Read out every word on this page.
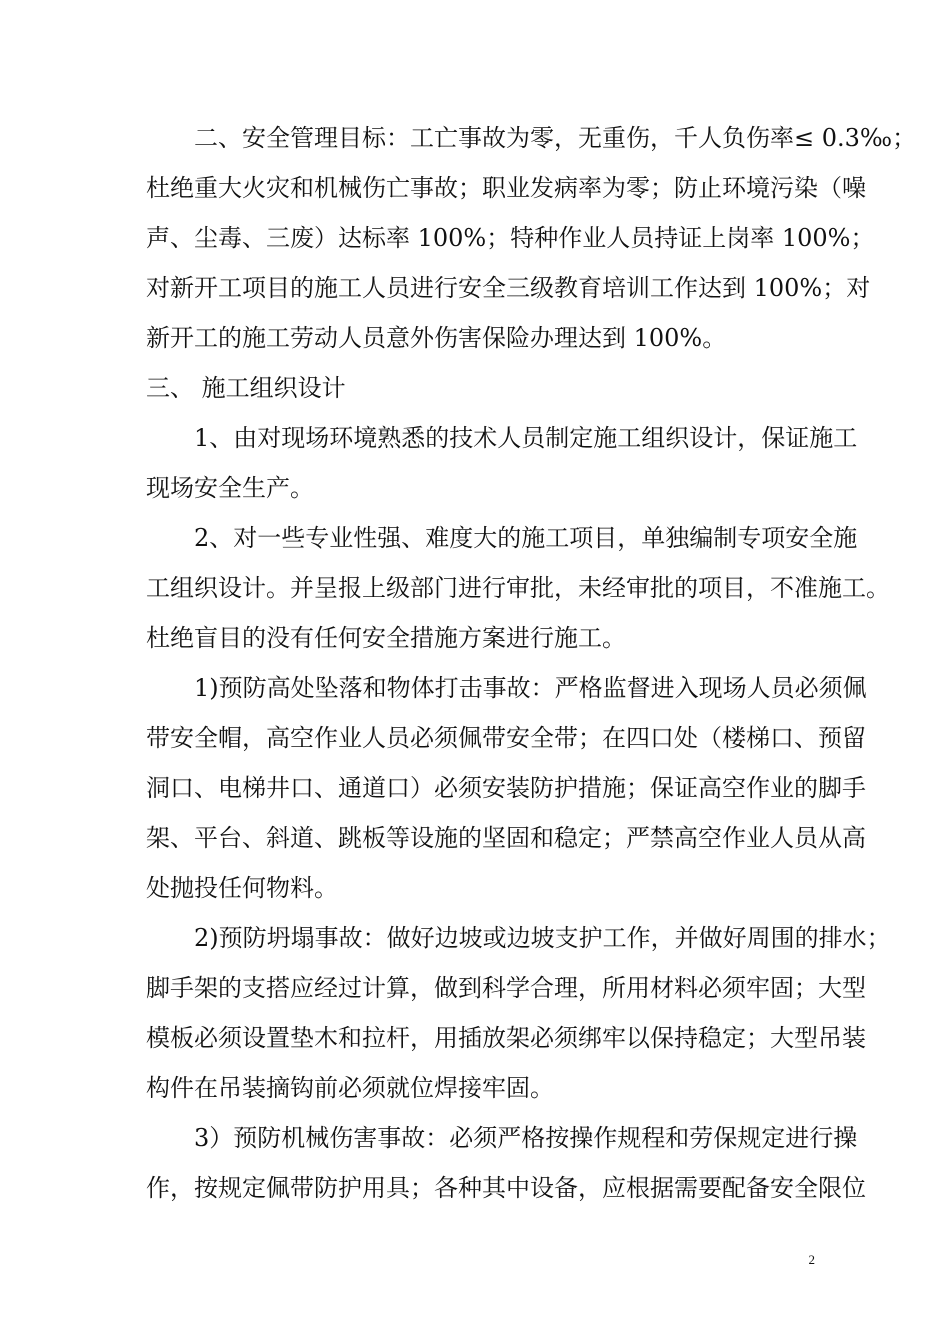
二、安全管理目标：工亡事故为零，无重伤，千人负伤率≤ 0.3‰；
杜绝重大火灾和机械伤亡事故；职业发病率为零；防止环境污染（噪
声、尘毒、三废）达标率 100%；特种作业人员持证上岗率 100%；
对新开工项目的施工人员进行安全三级教育培训工作达到 100%；对
新开工的施工劳动人员意外伤害保险办理达到 100%。
三、 施工组织设计
1、由对现场环境熟悉的技术人员制定施工组织设计，保证施工
现场安全生产。
2、对一些专业性强、难度大的施工项目，单独编制专项安全施
工组织设计。并呈报上级部门进行审批，未经审批的项目，不准施工。
杜绝盲目的没有任何安全措施方案进行施工。
1)预防高处坠落和物体打击事故：严格监督进入现场人员必须佩
带安全帽，高空作业人员必须佩带安全带；在四口处（楼梯口、预留
洞口、电梯井口、通道口）必须安装防护措施；保证高空作业的脚手
架、平台、斜道、跳板等设施的坚固和稳定；严禁高空作业人员从高
处抛投任何物料。
2)预防坍塌事故：做好边坡或边坡支护工作，并做好周围的排水；
脚手架的支搭应经过计算，做到科学合理，所用材料必须牢固；大型
模板必须设置垫木和拉杆，用插放架必须绑牢以保持稳定；大型吊装
构件在吊装摘钩前必须就位焊接牢固。
3）预防机械伤害事故：必须严格按操作规程和劳保规定进行操
作，按规定佩带防护用具；各种其中设备，应根据需要配备安全限位
2
